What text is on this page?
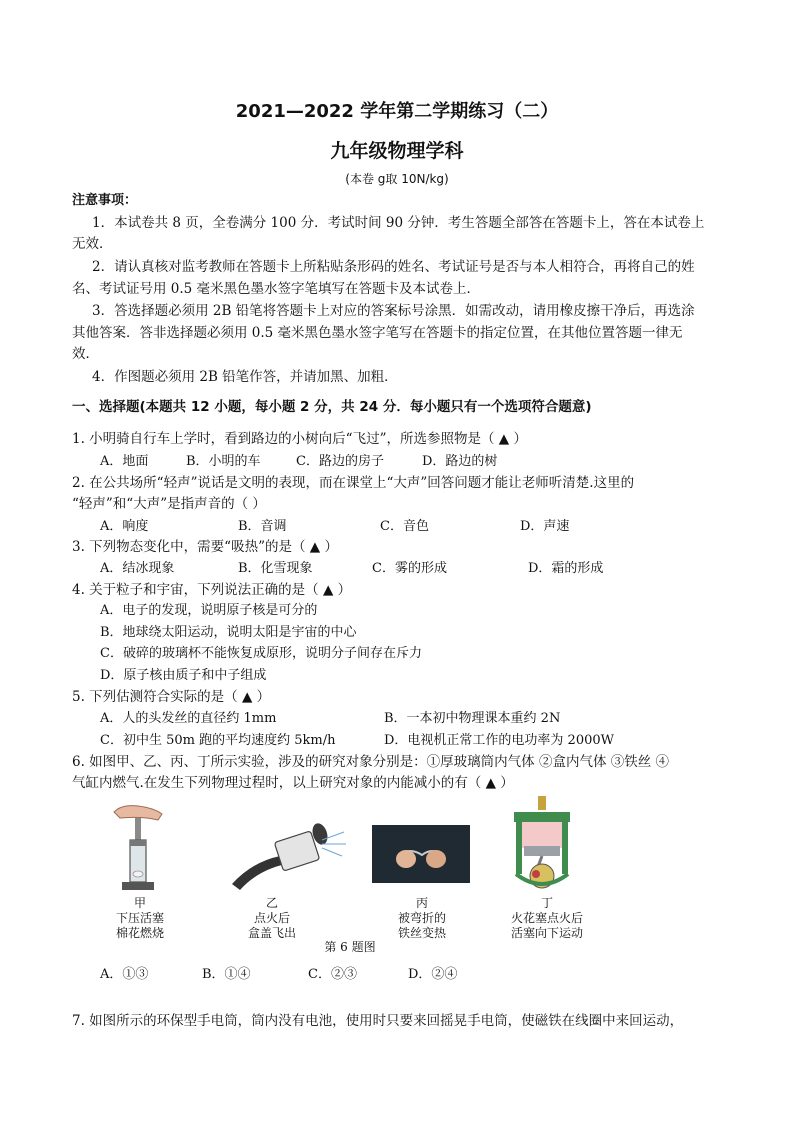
2021—2022 学年第二学期练习（二）
九年级物理学科
(本卷 g取 10N/kg)
注意事项：
1．本试卷共 8 页，全卷满分 100 分．考试时间 90 分钟．考生答题全部答在答题卡上，答在本试卷上
无效．
2．请认真核对监考教师在答题卡上所粘贴条形码的姓名、考试证号是否与本人相符合，再将自己的姓
名、考试证号用 0.5 毫米黑色墨水签字笔填写在答题卡及本试卷上．
3．答选择题必须用 2B 铅笔将答题卡上对应的答案标号涂黑．如需改动，请用橡皮擦干净后，再选涂
其他答案．答非选择题必须用 0.5 毫米黑色墨水签字笔写在答题卡的指定位置，在其他位置答题一律无
效．
4．作图题必须用 2B 铅笔作答，并请加黑、加粗．
一、选择题(本题共 12 小题，每小题 2 分，共 24 分．每小题只有一个选项符合题意)
1. 小明骑自行车上学时，看到路边的小树向后“飞过”，所选参照物是（ ▲ ）
A．地面	B．小明的车	C．路边的房子	D．路边的树
2. 在公共场所“轻声”说话是文明的表现，而在课堂上“大声”回答问题才能让老师听清楚.这里的
“轻声”和“大声”是指声音的（ ）
A．响度	B．音调	C．音色	D．声速
3. 下列物态变化中，需要“吸热”的是（ ▲ ）
A．结冰现象	B．化雪现象	C．雾的形成	D．霜的形成
4. 关于粒子和宇宙，下列说法正确的是（ ▲ ）
A．电子的发现，说明原子核是可分的
B．地球绕太阳运动，说明太阳是宇宙的中心
C．破碎的玻璃杯不能恢复成原形，说明分子间存在斥力
D．原子核由质子和中子组成
5. 下列估测符合实际的是（ ▲ ）
A．人的头发丝的直径约 1mm	B．一本初中物理课本重约 2N
C．初中生 50m 跑的平均速度约 5km/h	D．电视机正常工作的电功率为 2000W
6. 如图甲、乙、丙、丁所示实验，涉及的研究对象分别是：①厚玻璃筒内气体 ②盒内气体 ③铁丝 ④
气缸内燃气.在发生下列物理过程时，以上研究对象的内能减小的有（ ▲ ）
甲
下压活塞
棉花燃烧
乙
点火后
盒盖飞出
丙
被弯折的
铁丝变热
丁
火花塞点火后
活塞向下运动
第 6 题图
A．①③	B．①④	C．②③	D．②④
7. 如图所示的环保型手电筒，筒内没有电池，使用时只要来回摇晃手电筒，使磁铁在线圈中来回运动，
